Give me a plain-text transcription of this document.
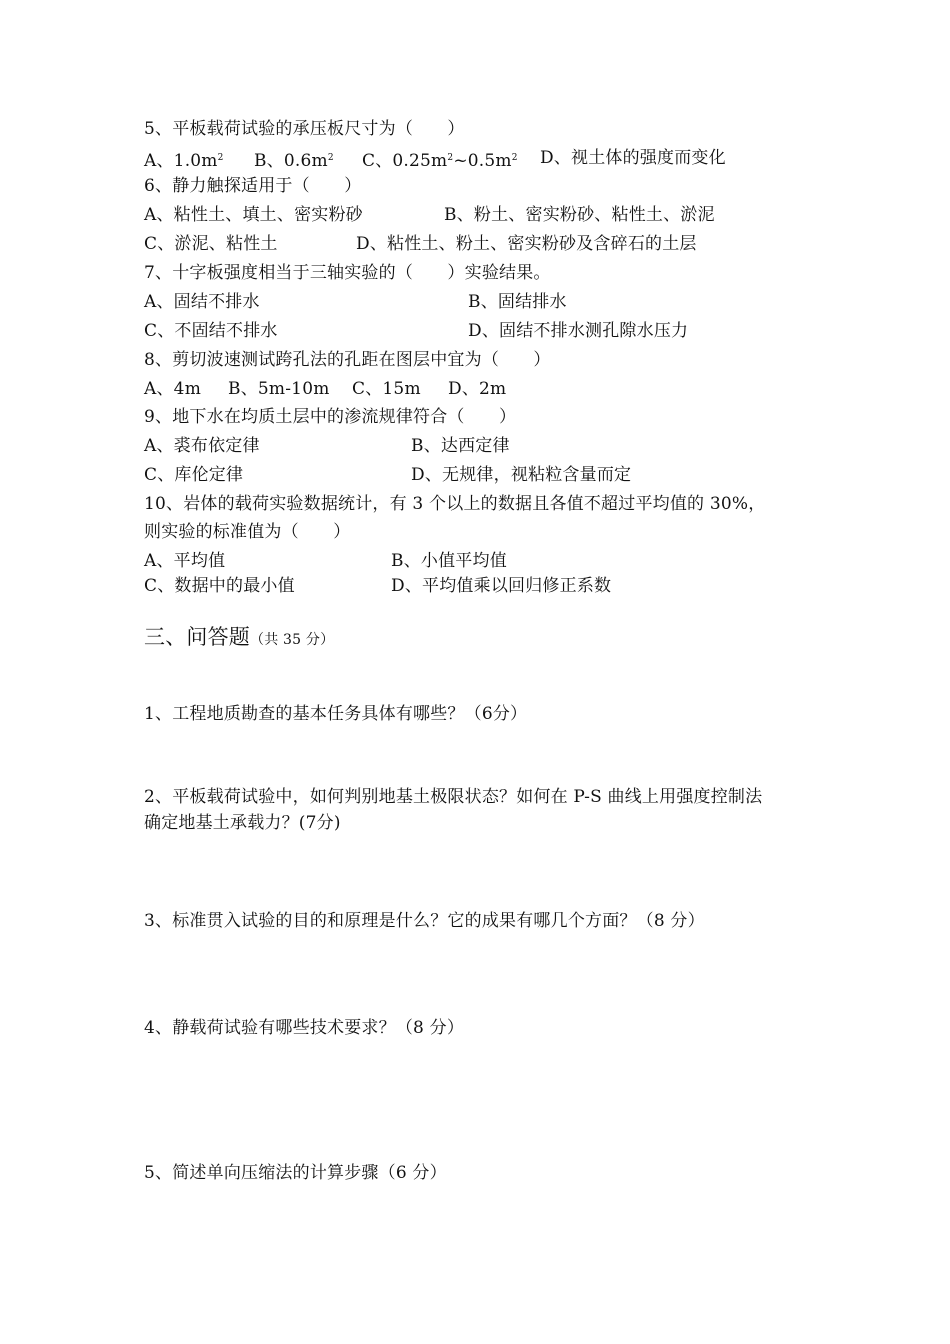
5、平板载荷试验的承压板尺寸为（　　）
A、$1.0m^2$ B、$0.6m^2$ C、$0.25m^2\sim 0.5m^2$ D、视土体的强度而变化
6、静力触探适用于（　　）
A、粘性土、填土、密实粉砂	B、粉土、密实粉砂、粘性土、淤泥
C、淤泥、粘性土	D、粘性土、粉土、密实粉砂及含碎石的土层
7、十字板强度相当于三轴实验的（　　）实验结果。
A、固结不排水	B、固结排水
C、不固结不排水	D、固结不排水测孔隙水压力
8、剪切波速测试跨孔法的孔距在图层中宜为（　　）
A、4m B、5m-10m C、15m D、2m
9、地下水在均质土层中的渗流规律符合（　　）
A、裘布依定律	B、达西定律
C、库伦定律	D、无规律，视粘粒含量而定
10、岩体的载荷实验数据统计，有 3 个以上的数据且各值不超过平均值的 30%，
则实验的标准值为（　　）
A、平均值	B、小值平均值
C、数据中的最小值	D、平均值乘以回归修正系数
三、问答题（共 35 分）
1、工程地质勘查的基本任务具体有哪些？（6分）
2、平板载荷试验中，如何判别地基土极限状态？如何在 P-S 曲线上用强度控制法
确定地基土承载力？(7分)
3、标准贯入试验的目的和原理是什么？它的成果有哪几个方面？（8 分）
4、静载荷试验有哪些技术要求？（8 分）
5、简述单向压缩法的计算步骤（6 分）
